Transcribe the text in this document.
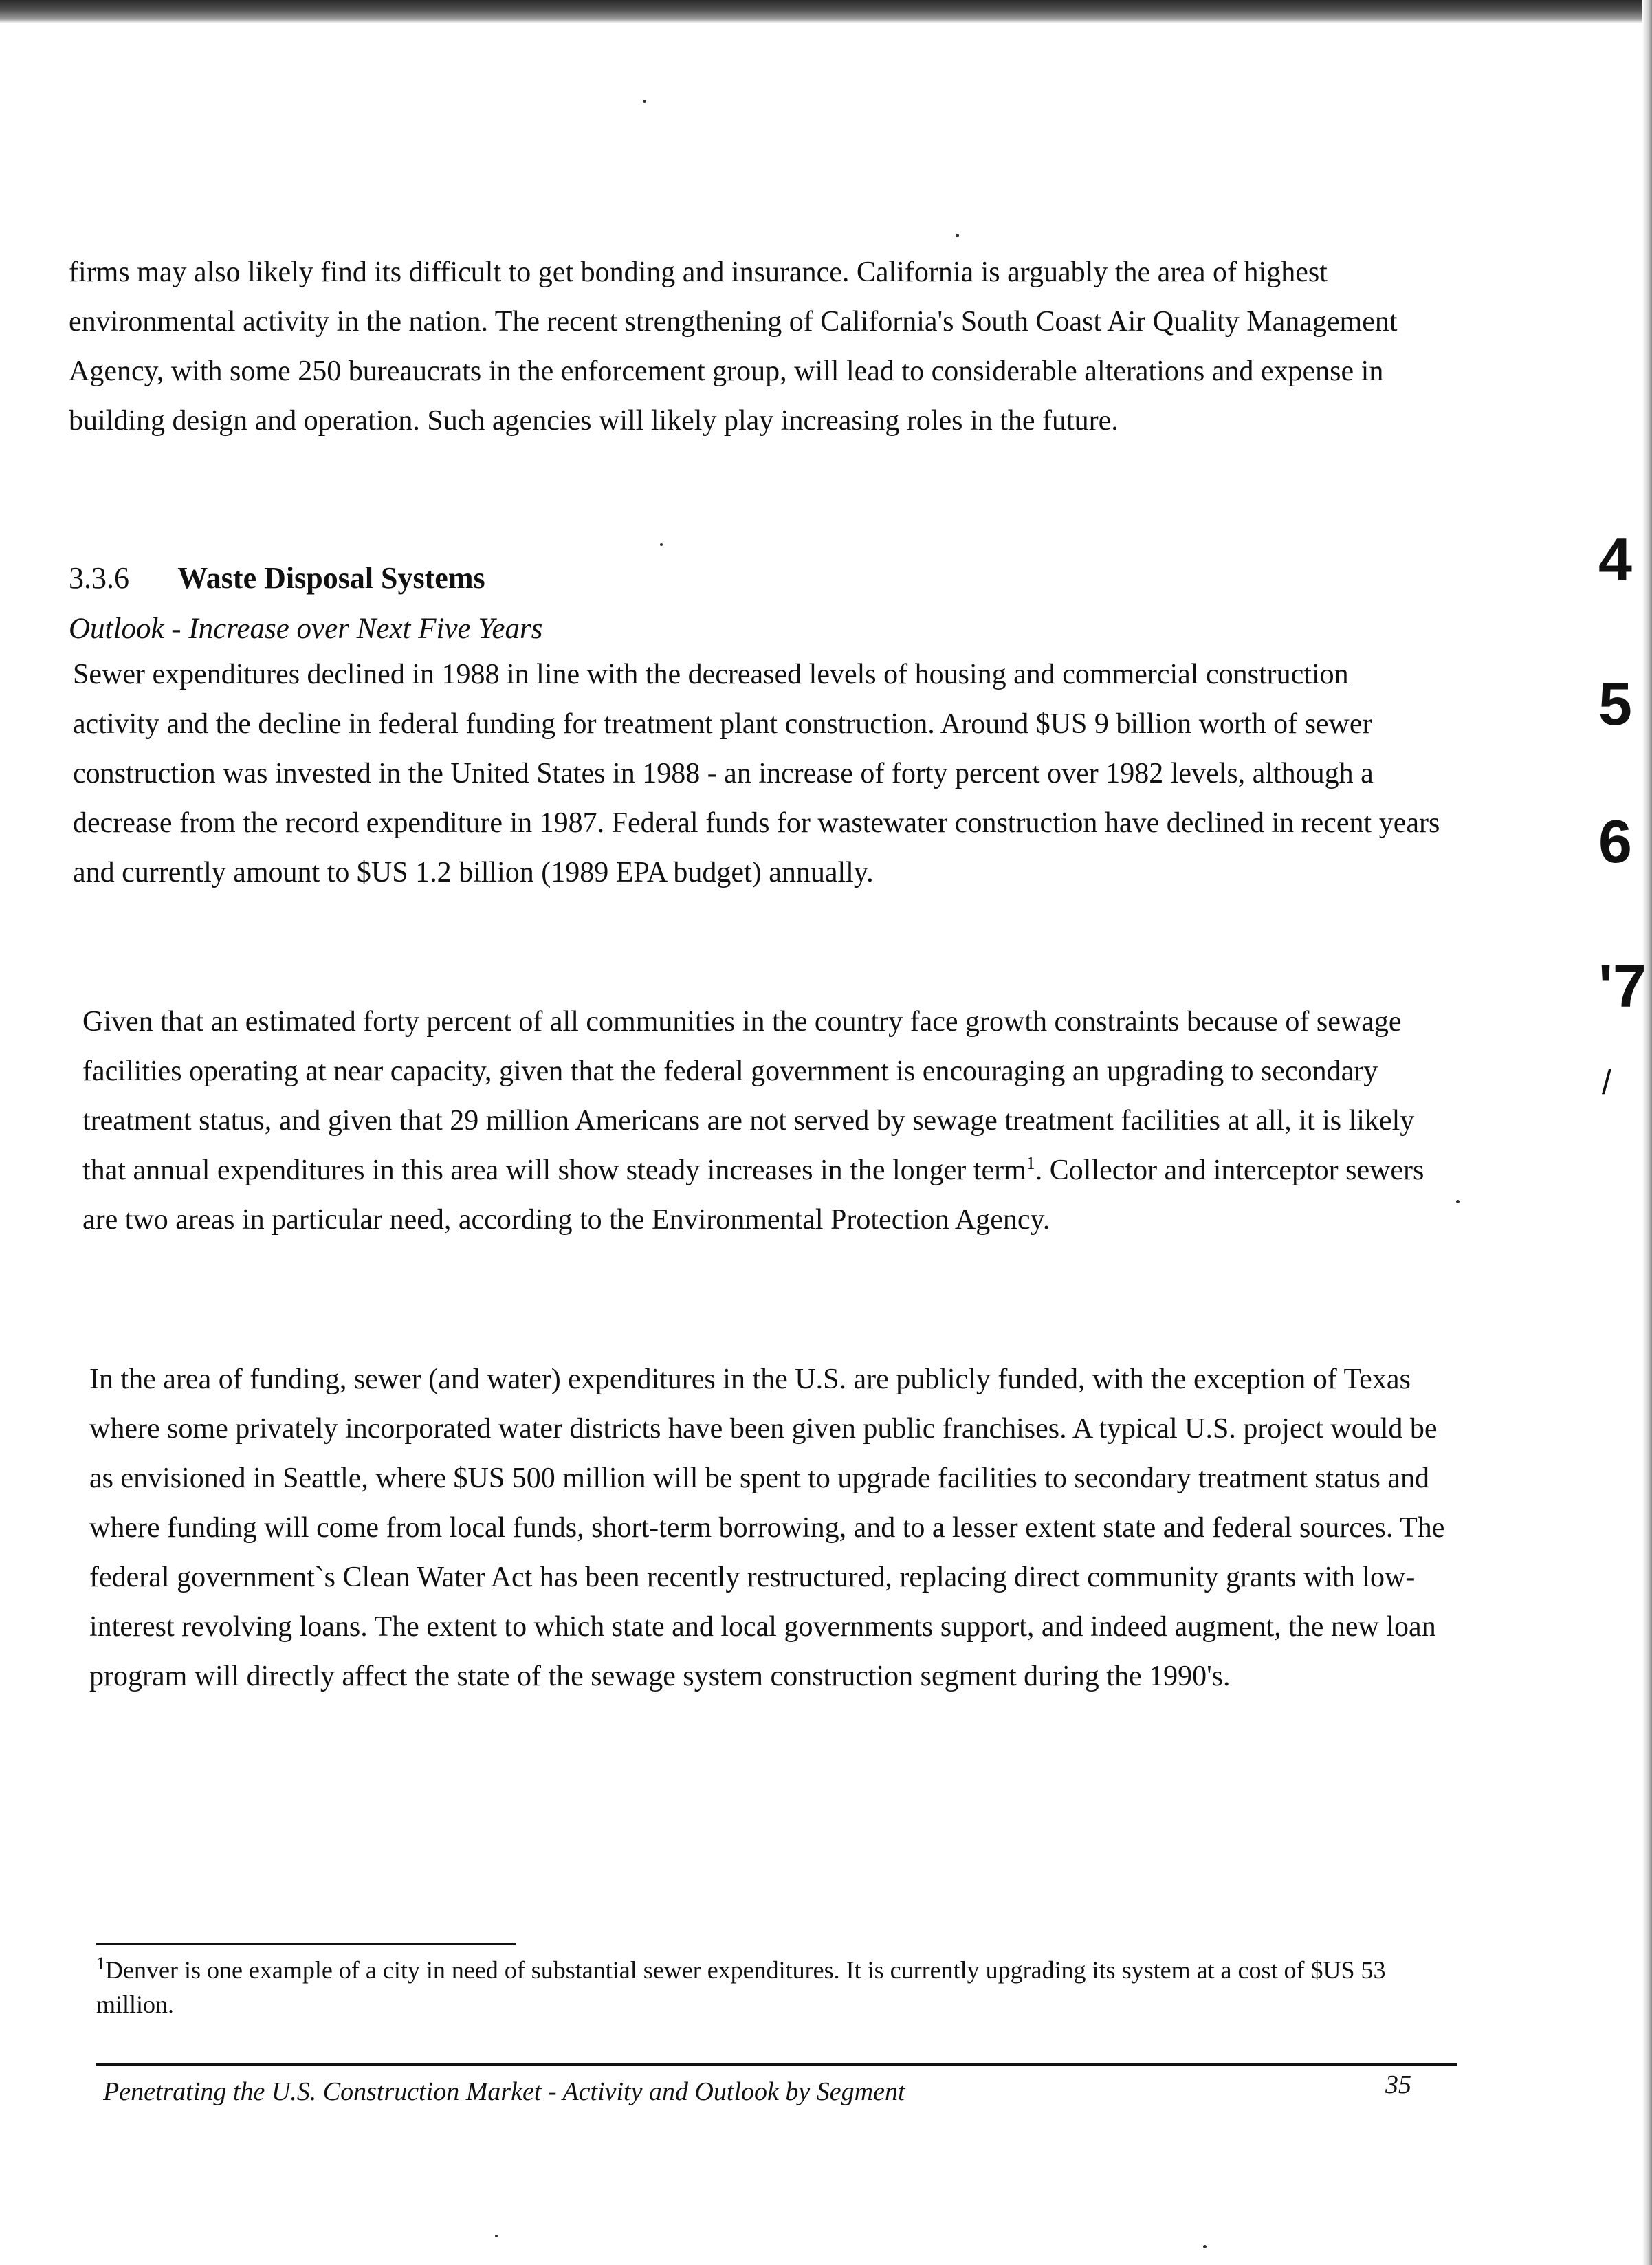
firms may also likely find its difficult to get bonding and insurance. California is arguably the area of highest environmental activity in the nation. The recent strengthening of California's South Coast Air Quality Management Agency, with some 250 bureaucrats in the enforcement group, will lead to considerable alterations and expense in building design and operation. Such agencies will likely play increasing roles in the future.

3.3.6 Waste Disposal Systems
Outlook - Increase over Next Five Years

Sewer expenditures declined in 1988 in line with the decreased levels of housing and commercial construction activity and the decline in federal funding for treatment plant construction. Around $US 9 billion worth of sewer construction was invested in the United States in 1988 - an increase of forty percent over 1982 levels, although a decrease from the record expenditure in 1987. Federal funds for wastewater construction have declined in recent years and currently amount to $US 1.2 billion (1989 EPA budget) annually.

Given that an estimated forty percent of all communities in the country face growth constraints because of sewage facilities operating at near capacity, given that the federal government is encouraging an upgrading to secondary treatment status, and given that 29 million Americans are not served by sewage treatment facilities at all, it is likely that annual expenditures in this area will show steady increases in the longer term$^1$. Collector and interceptor sewers are two areas in particular need, according to the Environmental Protection Agency.

In the area of funding, sewer (and water) expenditures in the U.S. are publicly funded, with the exception of Texas where some privately incorporated water districts have been given public franchises. A typical U.S. project would be as envisioned in Seattle, where $US 500 million will be spent to upgrade facilities to secondary treatment status and where funding will come from local funds, short-term borrowing, and to a lesser extent state and federal sources. The federal government`s Clean Water Act has been recently restructured, replacing direct community grants with low-interest revolving loans. The extent to which state and local governments support, and indeed augment, the new loan program will directly affect the state of the sewage system construction segment during the 1990's.

$^1$Denver is one example of a city in need of substantial sewer expenditures. It is currently upgrading its system at a cost of $US 53 million.

Penetrating the U.S. Construction Market - Activity and Outlook by Segment	35
4
5
6
'7
/
